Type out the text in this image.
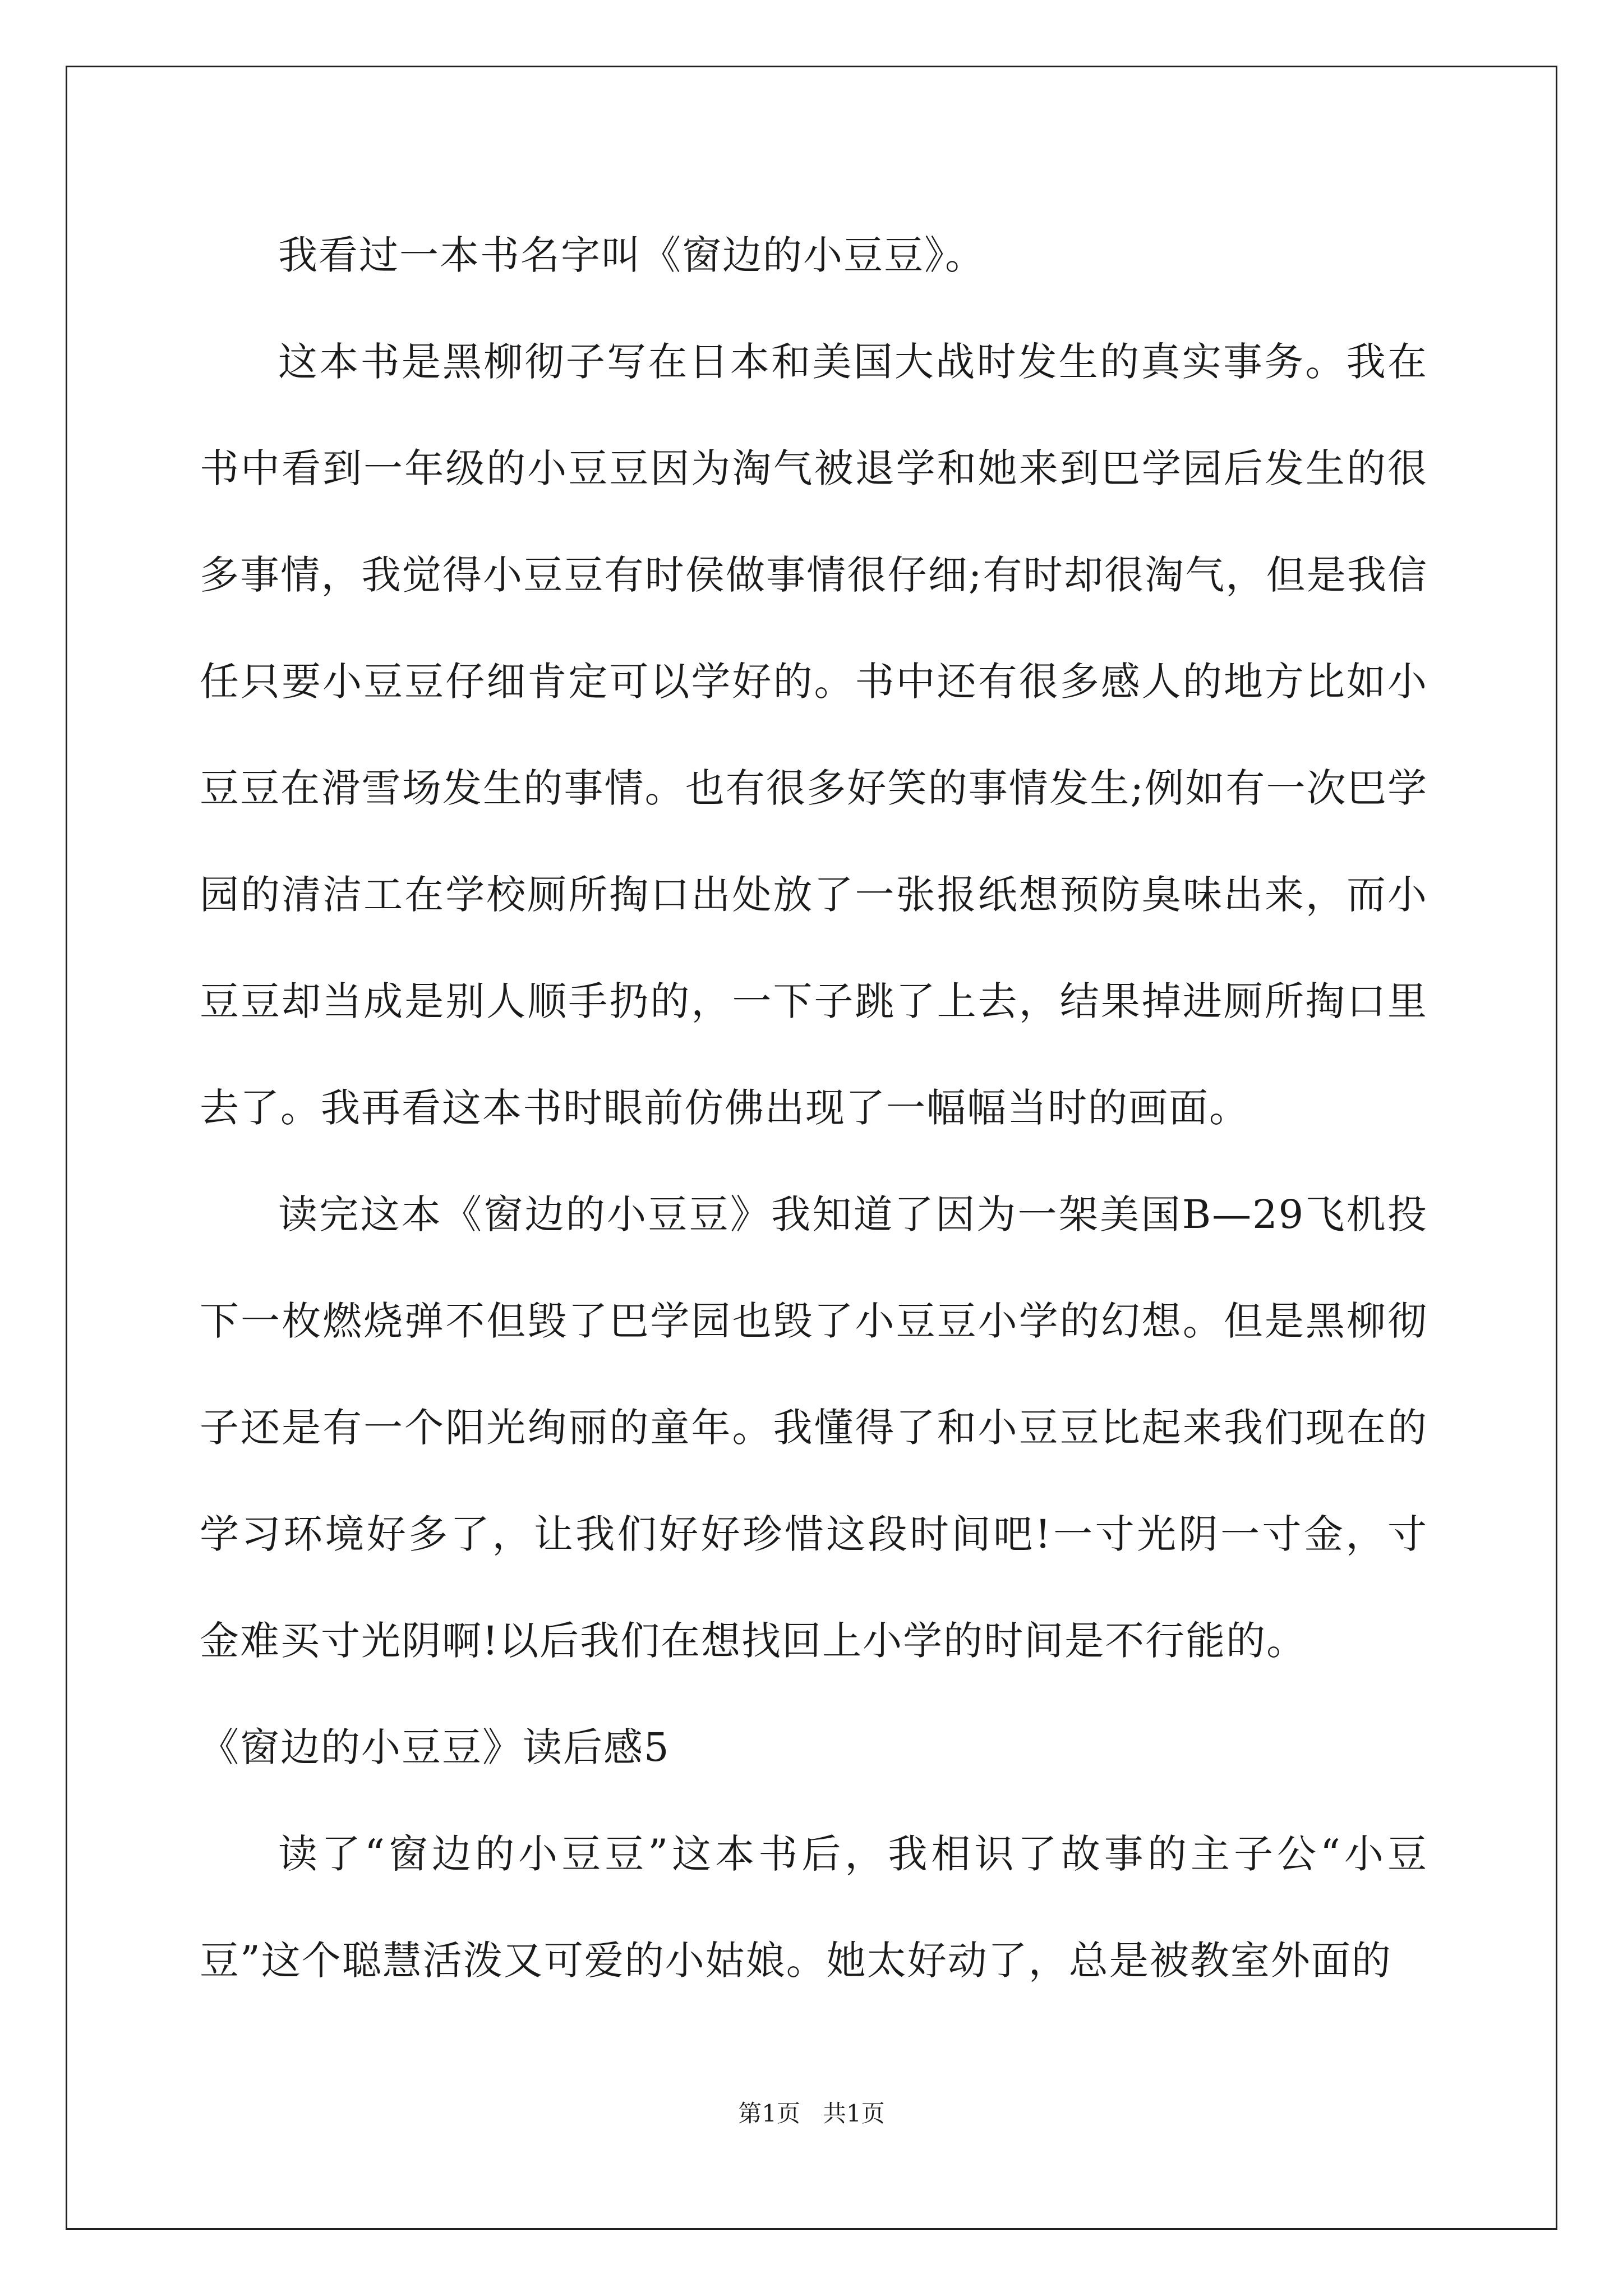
我看过一本书名字叫《窗边的小豆豆》。

这本书是黑柳彻子写在日本和美国大战时发生的真实事务。我在书中看到一年级的小豆豆因为淘气被退学和她来到巴学园后发生的很多事情，我觉得小豆豆有时侯做事情很仔细;有时却很淘气，但是我信任只要小豆豆仔细肯定可以学好的。书中还有很多感人的地方比如小豆豆在滑雪场发生的事情。也有很多好笑的事情发生;例如有一次巴学园的清洁工在学校厕所掏口出处放了一张报纸想预防臭味出来，而小豆豆却当成是别人顺手扔的，一下子跳了上去，结果掉进厕所掏口里去了。我再看这本书时眼前仿佛出现了一幅幅当时的画面。

读完这本《窗边的小豆豆》我知道了因为一架美国B—29飞机投下一枚燃烧弹不但毁了巴学园也毁了小豆豆小学的幻想。但是黑柳彻子还是有一个阳光绚丽的童年。我懂得了和小豆豆比起来我们现在的学习环境好多了，让我们好好珍惜这段时间吧!一寸光阴一寸金，寸金难买寸光阴啊!以后我们在想找回上小学的时间是不行能的。

《窗边的小豆豆》读后感5

读了“窗边的小豆豆”这本书后，我相识了故事的主子公“小豆豆”这个聪慧活泼又可爱的小姑娘。她太好动了，总是被教室外面的

第1页 共1页
